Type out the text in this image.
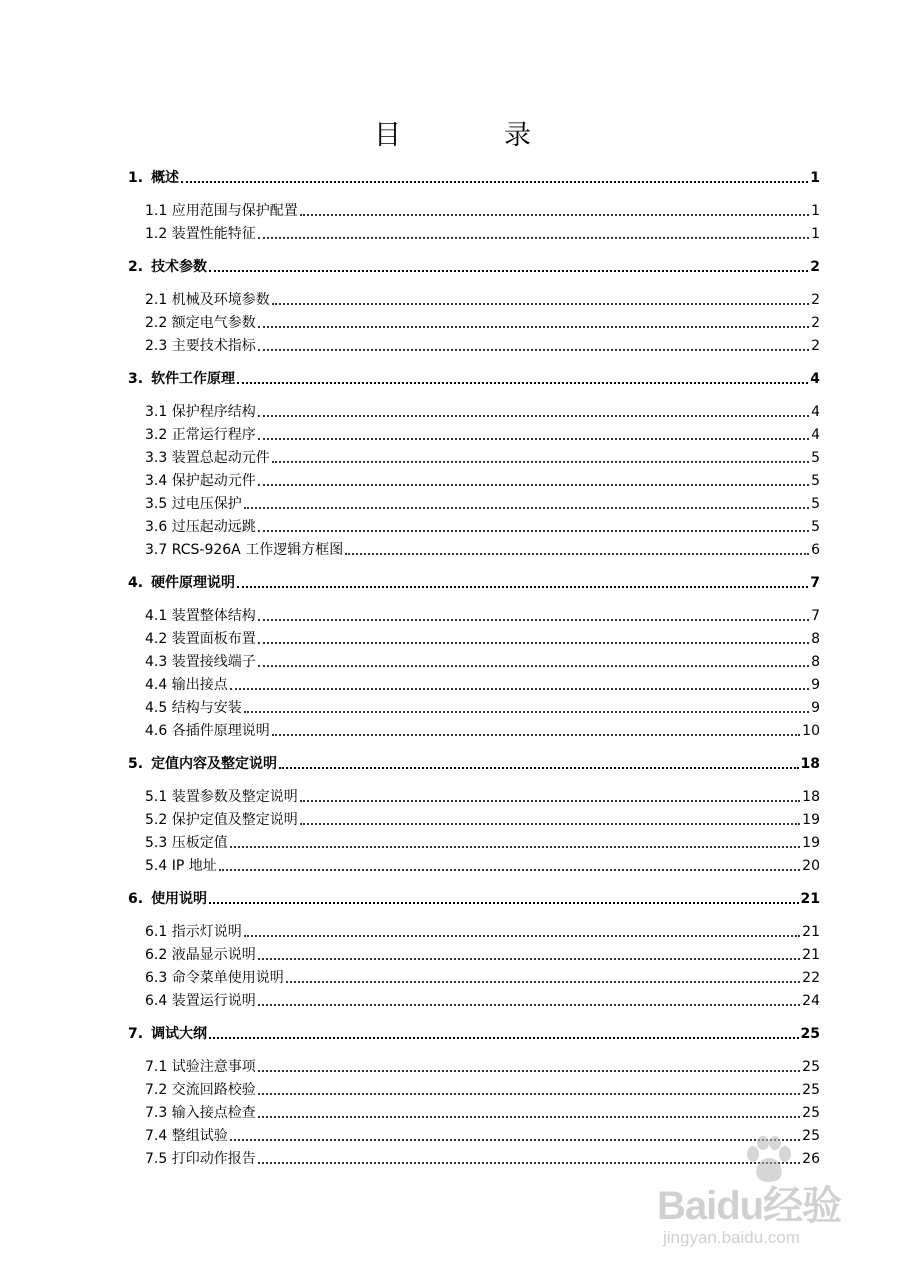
目　录
1. 概述	1
1.1 应用范围与保护配置	1
1.2 装置性能特征	1
2. 技术参数	2
2.1 机械及环境参数	2
2.2 额定电气参数	2
2.3 主要技术指标	2
3. 软件工作原理	4
3.1 保护程序结构	4
3.2 正常运行程序	4
3.3 装置总起动元件	5
3.4 保护起动元件	5
3.5 过电压保护	5
3.6 过压起动远跳	5
3.7 RCS-926A 工作逻辑方框图	6
4. 硬件原理说明	7
4.1 装置整体结构	7
4.2 装置面板布置	8
4.3 装置接线端子	8
4.4 输出接点	9
4.5 结构与安装	9
4.6 各插件原理说明	10
5. 定值内容及整定说明	18
5.1 装置参数及整定说明	18
5.2 保护定值及整定说明	19
5.3 压板定值	19
5.4 IP 地址	20
6. 使用说明	21
6.1 指示灯说明	21
6.2 液晶显示说明	21
6.3 命令菜单使用说明	22
6.4 装置运行说明	24
7. 调试大纲	25
7.1 试验注意事项	25
7.2 交流回路校验	25
7.3 输入接点检查	25
7.4 整组试验	25
7.5 打印动作报告	26
Baidu经验
jingyan.baidu.com
